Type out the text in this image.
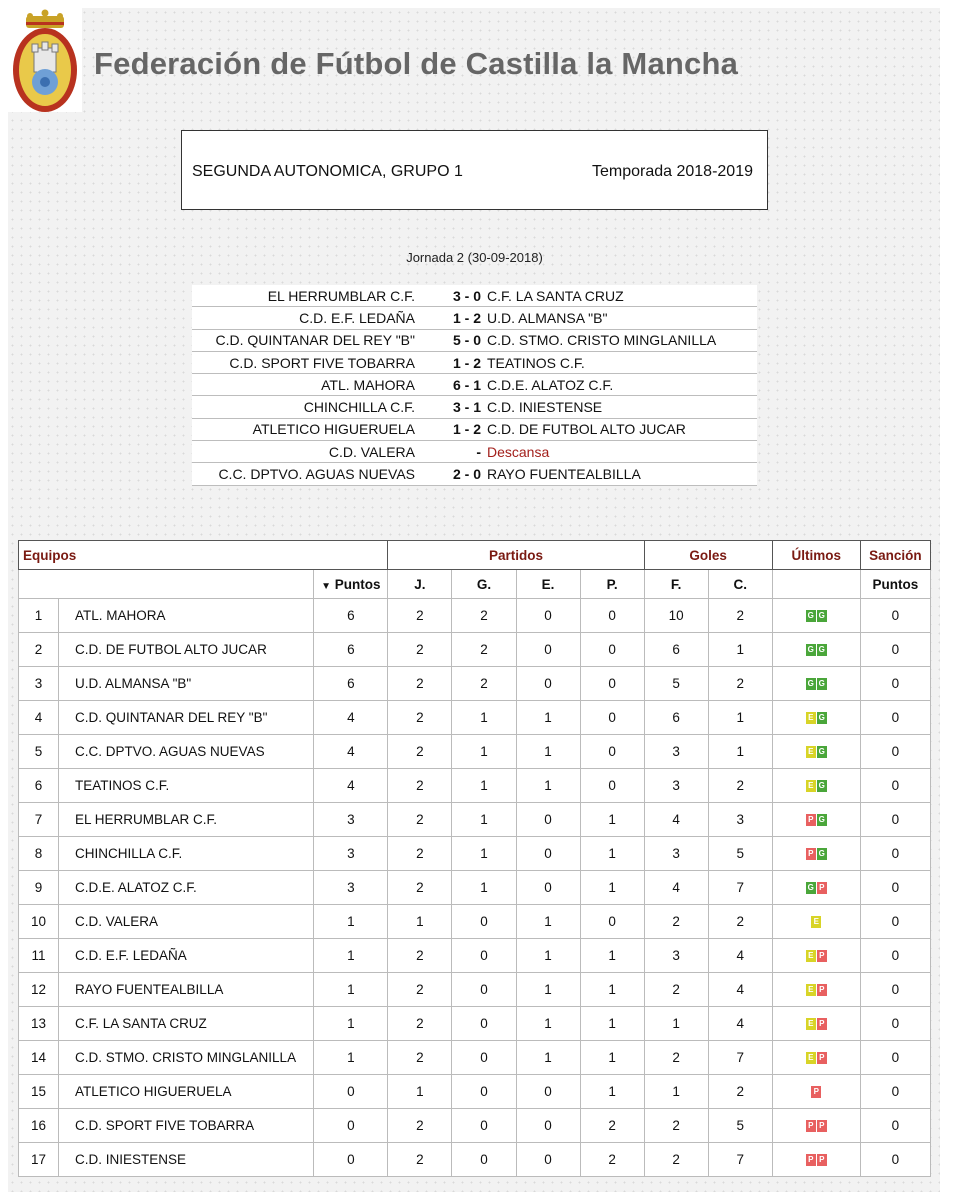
Federación de Fútbol de Castilla la Mancha
SEGUNDA AUTONOMICA, GRUPO 1	Temporada 2018-2019
Jornada 2 (30-09-2018)
EL HERRUMBLAR C.F.	3 - 0 C.F. LA SANTA CRUZ
C.D. E.F. LEDAÑA	1 - 2 U.D. ALMANSA "B"
C.D. QUINTANAR DEL REY "B"	5 - 0 C.D. STMO. CRISTO MINGLANILLA
C.D. SPORT FIVE TOBARRA	1 - 2 TEATINOS C.F.
ATL. MAHORA	6 - 1 C.D.E. ALATOZ C.F.
CHINCHILLA C.F.	3 - 1 C.D. INIESTENSE
ATLETICO HIGUERUELA	1 - 2 C.D. DE FUTBOL ALTO JUCAR
C.D. VALERA	- Descansa
C.C. DPTVO. AGUAS NUEVAS	2 - 0 RAYO FUENTEALBILLA
Equipos			Partidos				Goles		Últimos	Sanción
		▼ Puntos	J.	G.	E.	P.	F.	C.		Puntos
1	ATL. MAHORA	6	2	2	0	0	10	2	G G	0
2	C.D. DE FUTBOL ALTO JUCAR	6	2	2	0	0	6	1	G G	0
3	U.D. ALMANSA "B"	6	2	2	0	0	5	2	G G	0
4	C.D. QUINTANAR DEL REY "B"	4	2	1	1	0	6	1	E G	0
5	C.C. DPTVO. AGUAS NUEVAS	4	2	1	1	0	3	1	E G	0
6	TEATINOS C.F.	4	2	1	1	0	3	2	E G	0
7	EL HERRUMBLAR C.F.	3	2	1	0	1	4	3	P G	0
8	CHINCHILLA C.F.	3	2	1	0	1	3	5	P G	0
9	C.D.E. ALATOZ C.F.	3	2	1	0	1	4	7	G P	0
10	C.D. VALERA	1	1	0	1	0	2	2	E	0
11	C.D. E.F. LEDAÑA	1	2	0	1	1	3	4	E P	0
12	RAYO FUENTEALBILLA	1	2	0	1	1	2	4	E P	0
13	C.F. LA SANTA CRUZ	1	2	0	1	1	1	4	E P	0
14	C.D. STMO. CRISTO MINGLANILLA	1	2	0	1	1	2	7	E P	0
15	ATLETICO HIGUERUELA	0	1	0	0	1	1	2	P	0
16	C.D. SPORT FIVE TOBARRA	0	2	0	0	2	2	5	P P	0
17	C.D. INIESTENSE	0	2	0	0	2	2	7	P P	0
